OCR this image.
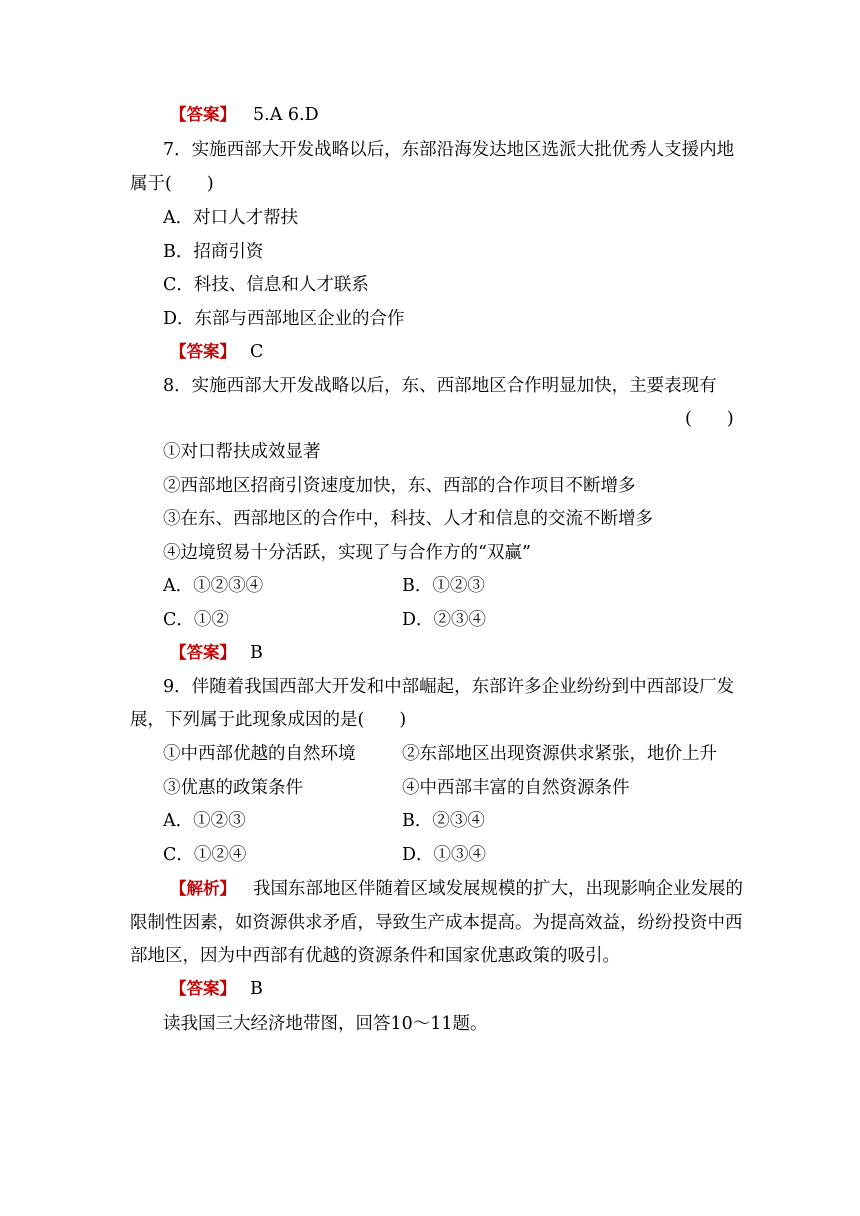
【答案】 5.A 6.D
7．实施西部大开发战略以后，东部沿海发达地区选派大批优秀人支援内地
属于(　　)
A．对口人才帮扶
B．招商引资
C．科技、信息和人才联系
D．东部与西部地区企业的合作
【答案】 C
8．实施西部大开发战略以后，东、西部地区合作明显加快，主要表现有
(　　)
①对口帮扶成效显著
②西部地区招商引资速度加快，东、西部的合作项目不断增多
③在东、西部地区的合作中，科技、人才和信息的交流不断增多
④边境贸易十分活跃，实现了与合作方的“双赢”
A．①②③④	B．①②③
C．①②	D．②③④
【答案】 B
9．伴随着我国西部大开发和中部崛起，东部许多企业纷纷到中西部设厂发
展，下列属于此现象成因的是(　　)
①中西部优越的自然环境	②东部地区出现资源供求紧张，地价上升
③优惠的政策条件	④中西部丰富的自然资源条件
A．①②③	B．②③④
C．①②④	D．①③④
【解析】 我国东部地区伴随着区域发展规模的扩大，出现影响企业发展的
限制性因素，如资源供求矛盾，导致生产成本提高。为提高效益，纷纷投资中西
部地区，因为中西部有优越的资源条件和国家优惠政策的吸引。
【答案】 B
读我国三大经济地带图，回答10～11题。
